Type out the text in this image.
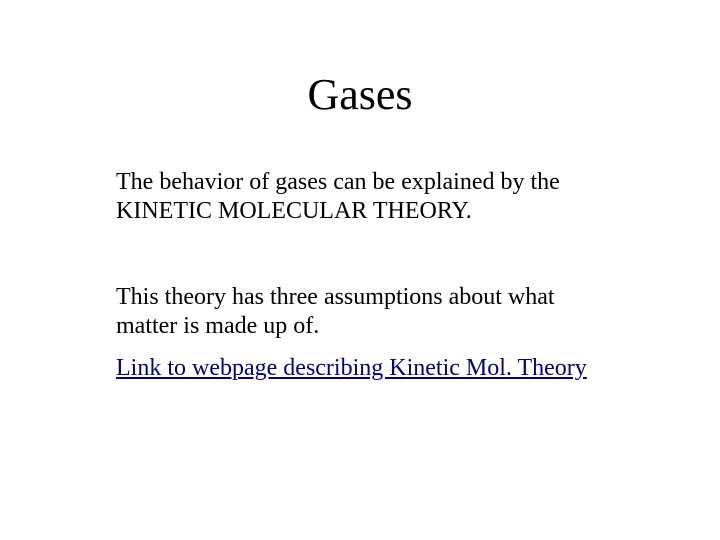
Gases

The behavior of gases can be explained by the KINETIC MOLECULAR THEORY.

This theory has three assumptions about what matter is made up of.

Link to webpage describing Kinetic Mol. Theory
